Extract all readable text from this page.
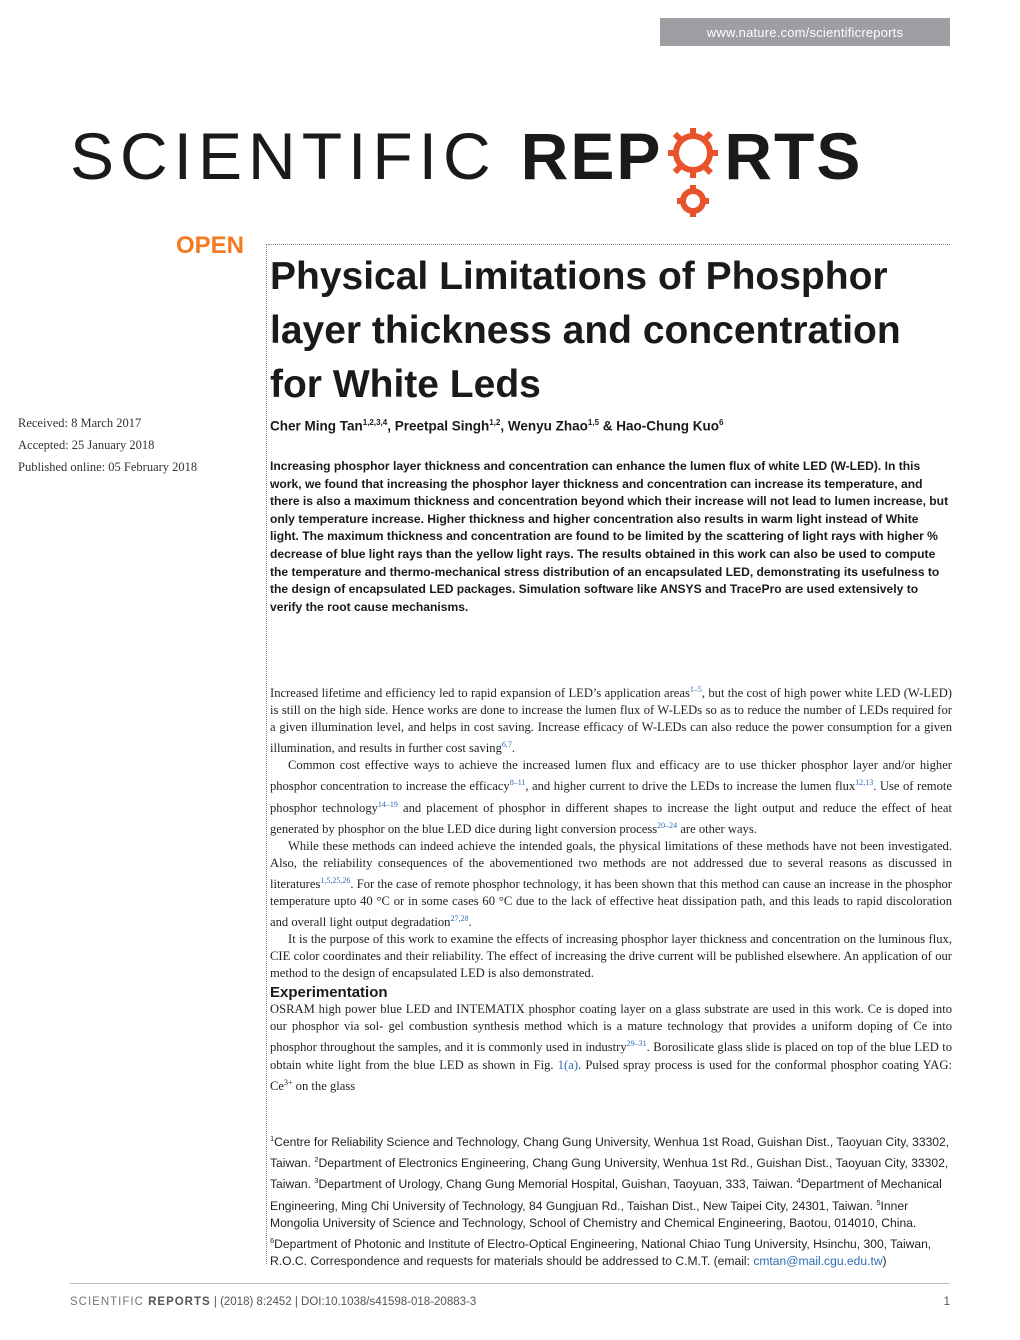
www.nature.com/scientificreports
SCIENTIFIC REP RTS
OPEN
Physical Limitations of Phosphor layer thickness and concentration for White Leds
Received: 8 March 2017
Accepted: 25 January 2018
Published online: 05 February 2018
Cher Ming Tan$^{1,2,3,4}$, Preetpal Singh$^{1,2}$, Wenyu Zhao$^{1,5}$ & Hao-Chung Kuo$^6$
Increasing phosphor layer thickness and concentration can enhance the lumen flux of white LED (W-LED). In this work, we found that increasing the phosphor layer thickness and concentration can increase its temperature, and there is also a maximum thickness and concentration beyond which their increase will not lead to lumen increase, but only temperature increase. Higher thickness and higher concentration also results in warm light instead of White light. The maximum thickness and concentration are found to be limited by the scattering of light rays with higher % decrease of blue light rays than the yellow light rays. The results obtained in this work can also be used to compute the temperature and thermo-mechanical stress distribution of an encapsulated LED, demonstrating its usefulness to the design of encapsulated LED packages. Simulation software like ANSYS and TracePro are used extensively to verify the root cause mechanisms.

Increased lifetime and efficiency led to rapid expansion of LED’s application areas$^{1-5}$, but the cost of high power white LED (W-LED) is still on the high side. Hence works are done to increase the lumen flux of W-LEDs so as to reduce the number of LEDs required for a given illumination level, and helps in cost saving. Increase efficacy of W-LEDs can also reduce the power consumption for a given illumination, and results in further cost saving$^{6,7}$.

Common cost effective ways to achieve the increased lumen flux and efficacy are to use thicker phosphor layer and/or higher phosphor concentration to increase the efficacy$^{8-11}$, and higher current to drive the LEDs to increase the lumen flux$^{12,13}$. Use of remote phosphor technology$^{14-19}$ and placement of phosphor in different shapes to increase the light output and reduce the effect of heat generated by phosphor on the blue LED dice during light conversion process$^{20-24}$ are other ways.

While these methods can indeed achieve the intended goals, the physical limitations of these methods have not been investigated. Also, the reliability consequences of the abovementioned two methods are not addressed due to several reasons as discussed in literatures$^{1,5,25,26}$. For the case of remote phosphor technology, it has been shown that this method can cause an increase in the phosphor temperature upto 40 °C or in some cases 60 °C due to the lack of effective heat dissipation path, and this leads to rapid discoloration and overall light output degradation$^{27,28}$.

It is the purpose of this work to examine the effects of increasing phosphor layer thickness and concentration on the luminous flux, CIE color coordinates and their reliability. The effect of increasing the drive current will be published elsewhere. An application of our method to the design of encapsulated LED is also demonstrated.

Experimentation

OSRAM high power blue LED and INTEMATIX phosphor coating layer on a glass substrate are used in this work. Ce is doped into our phosphor via sol- gel combustion synthesis method which is a mature technology that provides a uniform doping of Ce into phosphor throughout the samples, and it is commonly used in industry$^{29-31}$. Borosilicate glass slide is placed on top of the blue LED to obtain white light from the blue LED as shown in Fig. 1(a). Pulsed spray process is used for the conformal phosphor coating YAG: $Ce^{3+}$ on the glass

$^1$Centre for Reliability Science and Technology, Chang Gung University, Wenhua 1st Road, Guishan Dist., Taoyuan City, 33302, Taiwan. $^2$Department of Electronics Engineering, Chang Gung University, Wenhua 1st Rd., Guishan Dist., Taoyuan City, 33302, Taiwan. $^3$Department of Urology, Chang Gung Memorial Hospital, Guishan, Taoyuan, 333, Taiwan. $^4$Department of Mechanical Engineering, Ming Chi University of Technology, 84 Gungjuan Rd., Taishan Dist., New Taipei City, 24301, Taiwan. $^5$Inner Mongolia University of Science and Technology, School of Chemistry and Chemical Engineering, Baotou, 014010, China. $^6$Department of Photonic and Institute of Electro-Optical Engineering, National Chiao Tung University, Hsinchu, 300, Taiwan, R.O.C. Correspondence and requests for materials should be addressed to C.M.T. (email: cmtan@mail.cgu.edu.tw)
SCIENTIFIC REPORTS | (2018) 8:2452 | DOI:10.1038/s41598-018-20883-3	1
